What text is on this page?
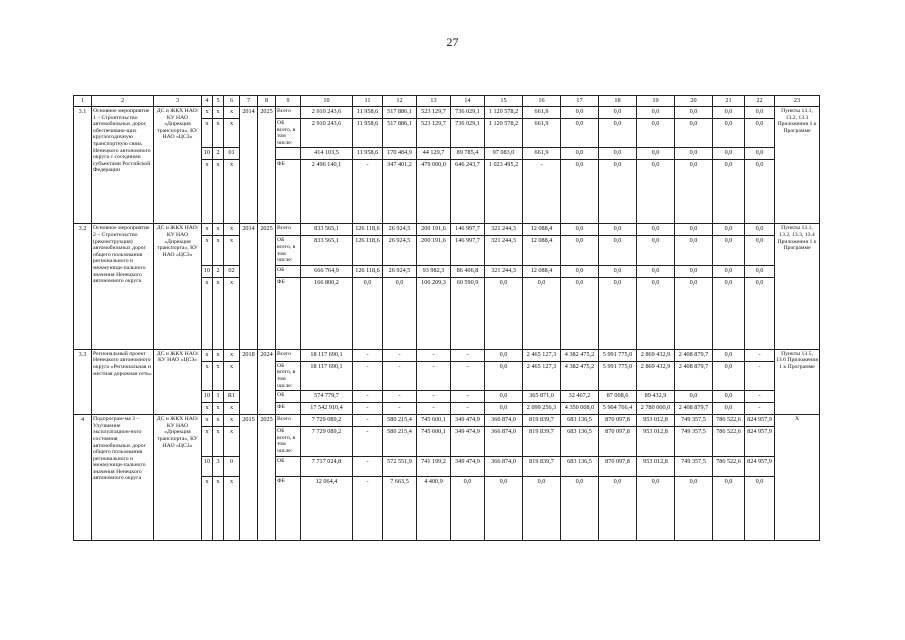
27
1	2	3	4	5	6	7	8	9	10	11	12	13	14	15	16	17	18	19	20	21	22	23
3.1	Основное мероприятие 1 – Строительство автомобильных дорог, обеспечиваю-щих круглогодичную транспортную связь Ненецкого автономного округа с соседними субъектами Российской Федерации	ДС и ЖКХ НАО/ КУ НАО «Дирекция транспорта», КУ НАО «ЦСЗ»	x	x	x	2014	2025	Всего	2 910 243,6	11 958,6	517 886,1	523 129,7	736 029,1	1 120 578,2	661,9	0,0	0,0	0,0	0,0	0,0	0,0	Пункты 13.1, 13.2, 13.3 Приложения 1 к Программе
			x	x	x			ОБ всего, в том числе:	2 910 243,6	11 958,6	517 886,1	523 129,7	736 029,1	1 120 578,2	661,9	0,0	0,0	0,0	0,0	0,0	0,0	
			10	2	01				414 103,5	11 958,6	170 484,9	44 129,7	89 785,4	97 083,0	661,9	0,0	0,0	0,0	0,0	0,0	0,0	
			x	x	x			ФБ	2 496 140,1	-	347 401,2	479 000,0	646 243,7	1 023 495,2	-	0,0	0,0	0,0	0,0	0,0	0,0	
3.2	Основное мероприятие 2 – Строительство (реконструкция) автомобильных дорог общего пользования регионального и межмуници-пального значения Ненецкого автономного округа	ДС и ЖКХ НАО/ КУ НАО «Дирекция транспорта», КУ НАО «ЦСЗ»	x	x	x	2014	2025	Всего	833 565,1	126 118,6	26 924,5	200 191,6	146 997,7	321 244,3	12 088,4	0,0	0,0	0,0	0,0	0,0	0,0	Пункты 13.1, 13.2, 13.3, 13.4 Приложения 1 к Программе
			x	x	x			ОБ всего, в том числе:	833 565,1	126 118,6	26 924,5	200 191,6	146 997,7	321 244,3	12 088,4	0,0	0,0	0,0	0,0	0,0	0,0	
			10	2	02			ОБ	666 764,9	126 118,6	26 924,5	93 982,3	86 406,8	321 244,3	12 088,4	0,0	0,0	0,0	0,0	0,0	0,0	
			x	x	x			ФБ	166 800,2	0,0	0,0	106 209,3	60 590,9	0,0	0,0	0,0	0,0	0,0	0,0	0,0	0,0	
3.3	Региональный проект Ненецкого автономного округа «Региональная и местная дорожная сеть»	ДС и ЖКХ НАО/ КУ НАО «ЦСЗ»	x	x	x	2018	2024	Всего	18 117 690,1	-	-	-	-	0,0	2 465 127,3	4 382 475,2	5 991 775,0	2 869 432,9	2 408 879,7	0,0	-	Пункты 13.5, 13.6 Приложения 1 к Программе
			x	x	x			ОБ всего, в том числе:	18 117 690,1	-	-	-	-	0,0	2 465 127,3	4 382 475,2	5 991 775,0	2 869 432,9	2 408 879,7	0,0	-	
			10	1	R1			ОБ	574 779,7	-	-	-	-	0,0	365 871,0	32 467,2	87 008,6	89 432,9	0,0	0,0	-	
			x	x	x			ФБ	17 542 910,4	-	-	-	-	0,0	2 099 256,3	4 350 008,0	5 904 766,4	2 780 000,0	2 408 879,7	0,0	-	
4	Подпрограм-ма 3 – Улучшение эксплуатацион-ного состояния автомобильных дорог общего пользования регионального и межмуници-пального значения Ненецкого автономного округа	ДС и ЖКХ НАО/ КУ НАО «Дирекция транспорта», КУ НАО «ЦСЗ»	x	x	x	2015	2025	Всего	7 729 089,2	-	580 215,4	745 600,1	349 474,9	366 874,0	819 839,7	683 136,5	870 097,8	953 012,8	749 357,5	786 522,6	824 957,9	Х
			x	x	x			ОБ всего, в том числе:	7 729 089,2	-	580 215,4	745 600,1	349 474,9	366 874,0	819 839,7	683 136,5	870 097,8	953 012,8	749 357,5	786 522,6	824 957,9	
			10	3	0			ОБ	7 717 024,8	-	572 551,9	741 199,2	349 474,9	366 874,0	819 839,7	683 136,5	870 097,8	953 012,8	749 357,5	786 522,6	824 957,9	
			x	x	x			ФБ	12 064,4	-	7 663,5	4 400,9	0,0	0,0	0,0	0,0	0,0	0,0	0,0	0,0	0,0	
